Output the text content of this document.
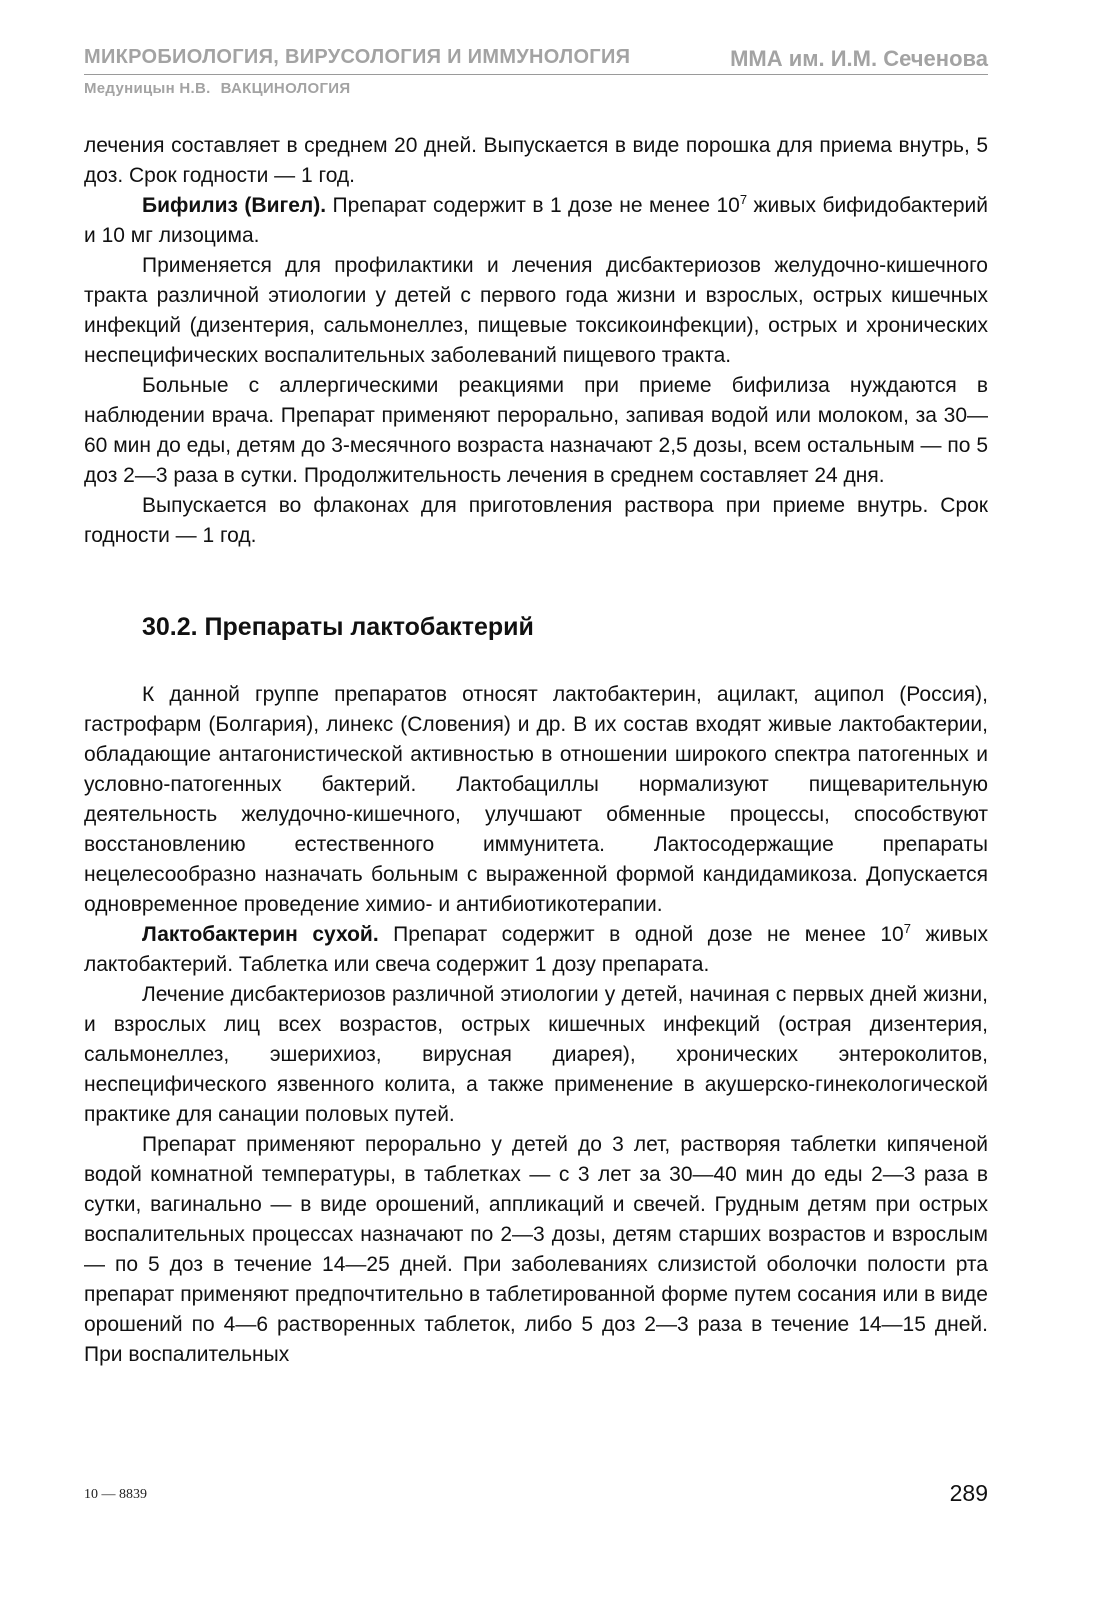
МИКРОБИОЛОГИЯ, ВИРУСОЛОГИЯ И ИММУНОЛОГИЯ	ММА им. И.М. Сеченова
Медуницын Н.В. ВАКЦИНОЛОГИЯ

лечения составляет в среднем 20 дней. Выпускается в виде порошка для приема внутрь, 5 доз. Срок годности — 1 год.

Бифилиз (Вигел). Препарат содержит в 1 дозе не менее $10^7$ живых бифидобактерий и 10 мг лизоцима.

Применяется для профилактики и лечения дисбактериозов желудочно-кишечного тракта различной этиологии у детей с первого года жизни и взрослых, острых кишечных инфекций (дизентерия, сальмонеллез, пищевые токсикоинфекции), острых и хронических неспецифических воспалительных заболеваний пищевого тракта.

Больные с аллергическими реакциями при приеме бифилиза нуждаются в наблюдении врача. Препарат применяют перорально, запивая водой или молоком, за 30—60 мин до еды, детям до 3-месячного возраста назначают 2,5 дозы, всем остальным — по 5 доз 2—3 раза в сутки. Продолжительность лечения в среднем составляет 24 дня.

Выпускается во флаконах для приготовления раствора при приеме внутрь. Срок годности — 1 год.

30.2. Препараты лактобактерий

К данной группе препаратов относят лактобактерин, ацилакт, аципол (Россия), гастрофарм (Болгария), линекс (Словения) и др. В их состав входят живые лактобактерии, обладающие антагонистической активностью в отношении широкого спектра патогенных и условно-патогенных бактерий. Лактобациллы нормализуют пищеварительную деятельность желудочно-кишечного, улучшают обменные процессы, способствуют восстановлению естественного иммунитета. Лактосодержащие препараты нецелесообразно назначать больным с выраженной формой кандидамикоза. Допускается одновременное проведение химио- и антибиотикотерапии.

Лактобактерин сухой. Препарат содержит в одной дозе не менее $10^7$ живых лактобактерий. Таблетка или свеча содержит 1 дозу препарата.

Лечение дисбактериозов различной этиологии у детей, начиная с первых дней жизни, и взрослых лиц всех возрастов, острых кишечных инфекций (острая дизентерия, сальмонеллез, эшерихиоз, вирусная диарея), хронических энтероколитов, неспецифического язвенного колита, а также применение в акушерско-гинекологической практике для санации половых путей.

Препарат применяют перорально у детей до 3 лет, растворяя таблетки кипяченой водой комнатной температуры, в таблетках — с 3 лет за 30—40 мин до еды 2—3 раза в сутки, вагинально — в виде орошений, аппликаций и свечей. Грудным детям при острых воспалительных процессах назначают по 2—3 дозы, детям старших возрастов и взрослым — по 5 доз в течение 14—25 дней. При заболеваниях слизистой оболочки полости рта препарат применяют предпочтительно в таблетированной форме путем сосания или в виде орошений по 4—6 растворенных таблеток, либо 5 доз 2—3 раза в течение 14—15 дней. При воспалительных

10 — 8839	289
